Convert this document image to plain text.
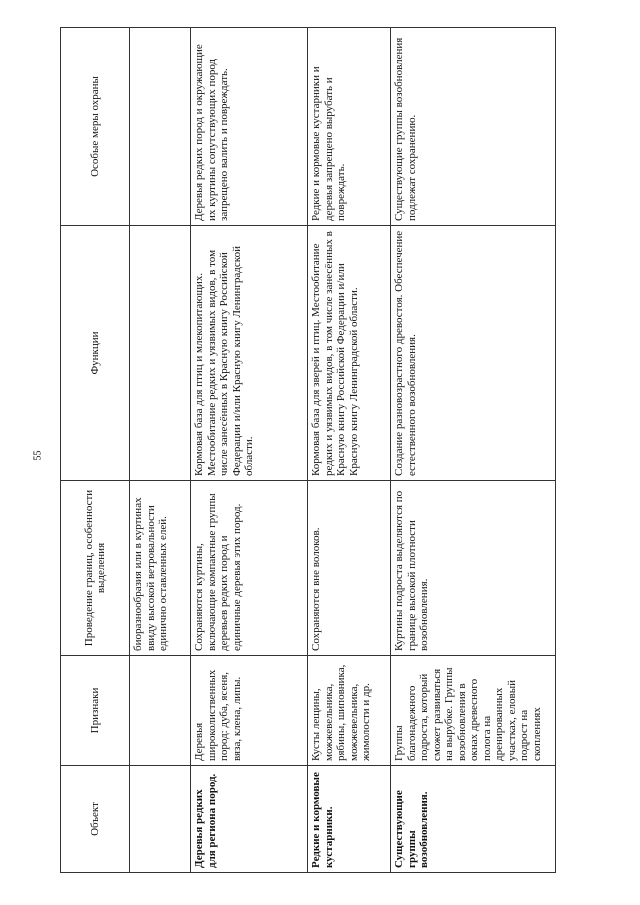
55
Объект	Признаки	Проведение границ, особенности выделения	Функции	Особые меры охраны
		биоразнообразия или в куртинах ввиду высокой ветровальности единично оставленных елей.		
Деревья редких для региона пород.	Деревья широколиственных пород: дуба, ясеня, вяза, клена, липы.	Сохраняются куртины, включающие компактные группы деревьев редких пород и единичные деревья этих пород.	Кормовая база для птиц и млекопитающих. Местообитание редких и уязвимых видов, в том числе занесённых в Красную книгу Российской Федерации и/или Красную книгу Ленинградской области.	Деревья редких пород и окружающие их куртины сопутствующих пород запрещено валить и повреждать.
Редкие и кормовые кустарники.	Кусты лещины, можжевельника, рябины, шиповника, можжевельника, жимолости и др.	Сохраняются вне волоков.	Кормовая база для зверей и птиц. Местообитание редких и уязвимых видов, в том числе занесённых в Красную книгу Российской Федерации и/или Красную книгу Ленинградской области.	Редкие и кормовые кустарники и деревья запрещено вырубать и повреждать.
Существующие группы возобновления.	Группы благонадежного подроста, который сможет развиваться на вырубке. Группы возобновления в окнах древесного полога на дренированных участках, еловый подрост на скоплениях	Куртины подроста выделяются по границе высокой плотности возобновления.	Создание разновозрастного древостоя. Обеспечение естественного возобновления.	Существующие группы возобновления подлежат сохранению.
